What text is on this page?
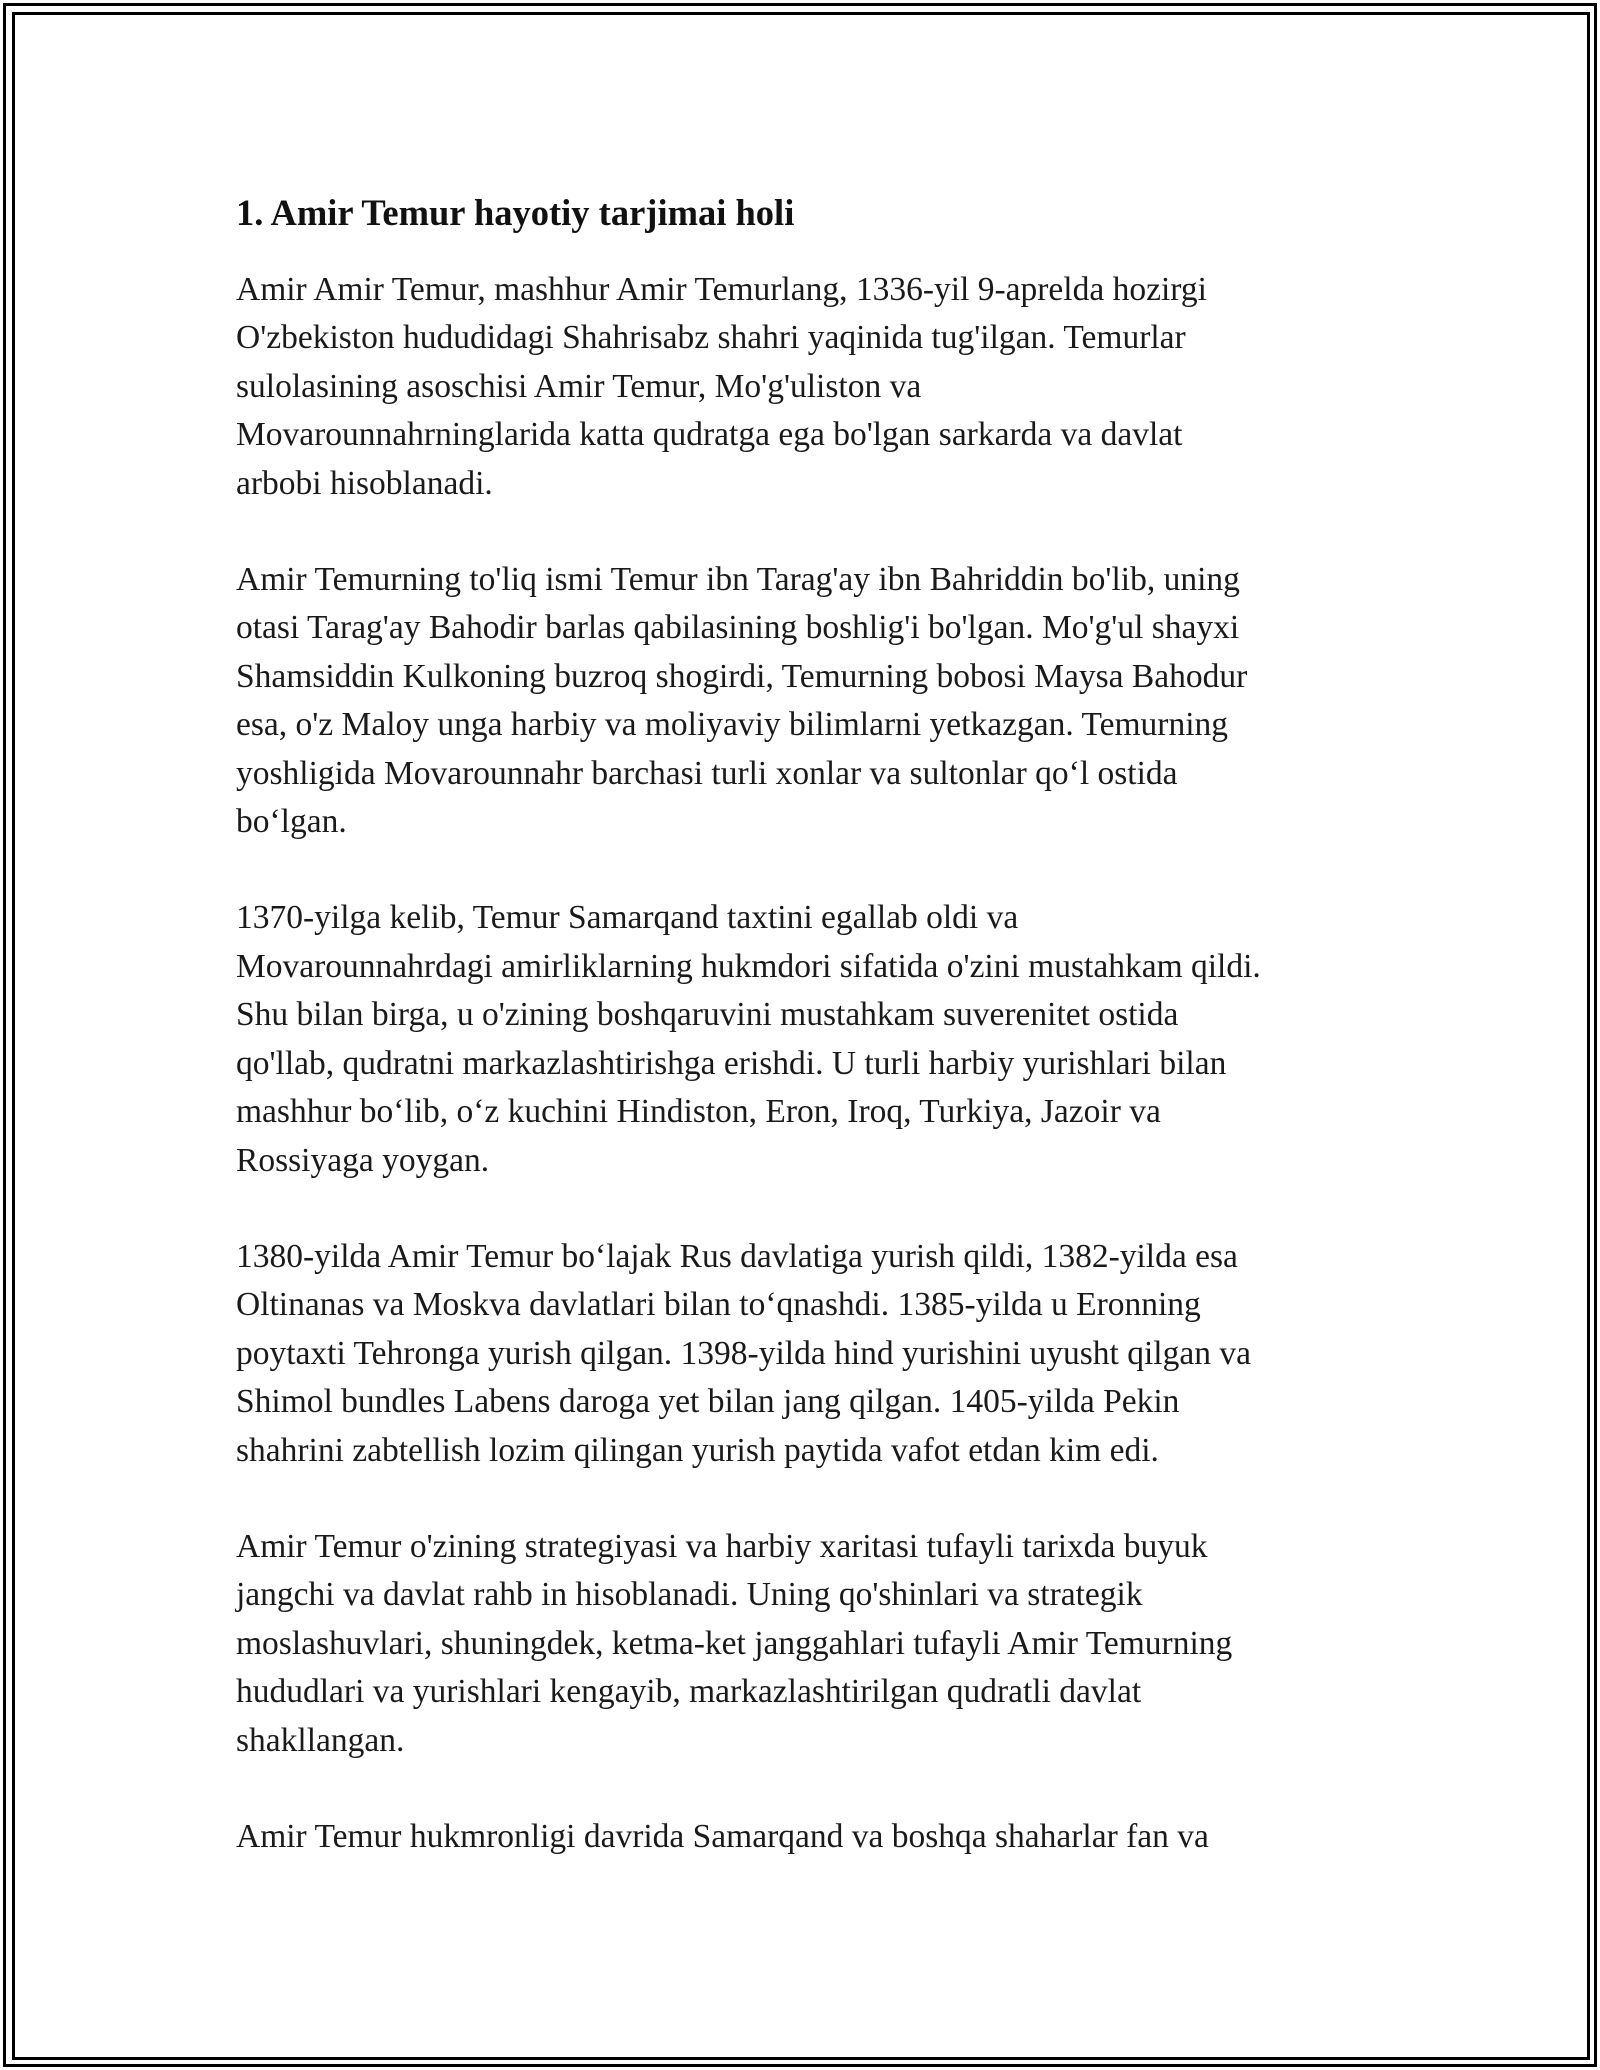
1. Amir Temur hayotiy tarjimai holi

Amir Amir Temur, mashhur Amir Temurlang, 1336-yil 9-aprelda hozirgi
O'zbekiston hududidagi Shahrisabz shahri yaqinida tug'ilgan. Temurlar
sulolasining asoschisi Amir Temur, Mo'g'uliston va
Movarounnahrninglarida katta qudratga ega bo'lgan sarkarda va davlat
arbobi hisoblanadi.

Amir Temurning to'liq ismi Temur ibn Tarag'ay ibn Bahriddin bo'lib, uning
otasi Tarag'ay Bahodir barlas qabilasining boshlig'i bo'lgan. Mo'g'ul shayxi
Shamsiddin Kulkoning buzroq shogirdi, Temurning bobosi Maysa Bahodur
esa, o'z Maloy unga harbiy va moliyaviy bilimlarni yetkazgan. Temurning
yoshligida Movarounnahr barchasi turli xonlar va sultonlar qo‘l ostida
bo‘lgan.

1370-yilga kelib, Temur Samarqand taxtini egallab oldi va
Movarounnahrdagi amirliklarning hukmdori sifatida o'zini mustahkam qildi.
Shu bilan birga, u o'zining boshqaruvini mustahkam suverenitet ostida
qo'llab, qudratni markazlashtirishga erishdi. U turli harbiy yurishlari bilan
mashhur bo‘lib, o‘z kuchini Hindiston, Eron, Iroq, Turkiya, Jazoir va
Rossiyaga yoygan.

1380-yilda Amir Temur bo‘lajak Rus davlatiga yurish qildi, 1382-yilda esa
Oltinanas va Moskva davlatlari bilan to‘qnashdi. 1385-yilda u Eronning
poytaxti Tehronga yurish qilgan. 1398-yilda hind yurishini uyusht qilgan va
Shimol bundles Labens daroga yet bilan jang qilgan. 1405-yilda Pekin
shahrini zabtellish lozim qilingan yurish paytida vafot etdan kim edi.

Amir Temur o'zining strategiyasi va harbiy xaritasi tufayli tarixda buyuk
jangchi va davlat rahb in hisoblanadi. Uning qo'shinlari va strategik
moslashuvlari, shuningdek, ketma-ket janggahlari tufayli Amir Temurning
hududlari va yurishlari kengayib, markazlashtirilgan qudratli davlat
shakllangan.

Amir Temur hukmronligi davrida Samarqand va boshqa shaharlar fan va
